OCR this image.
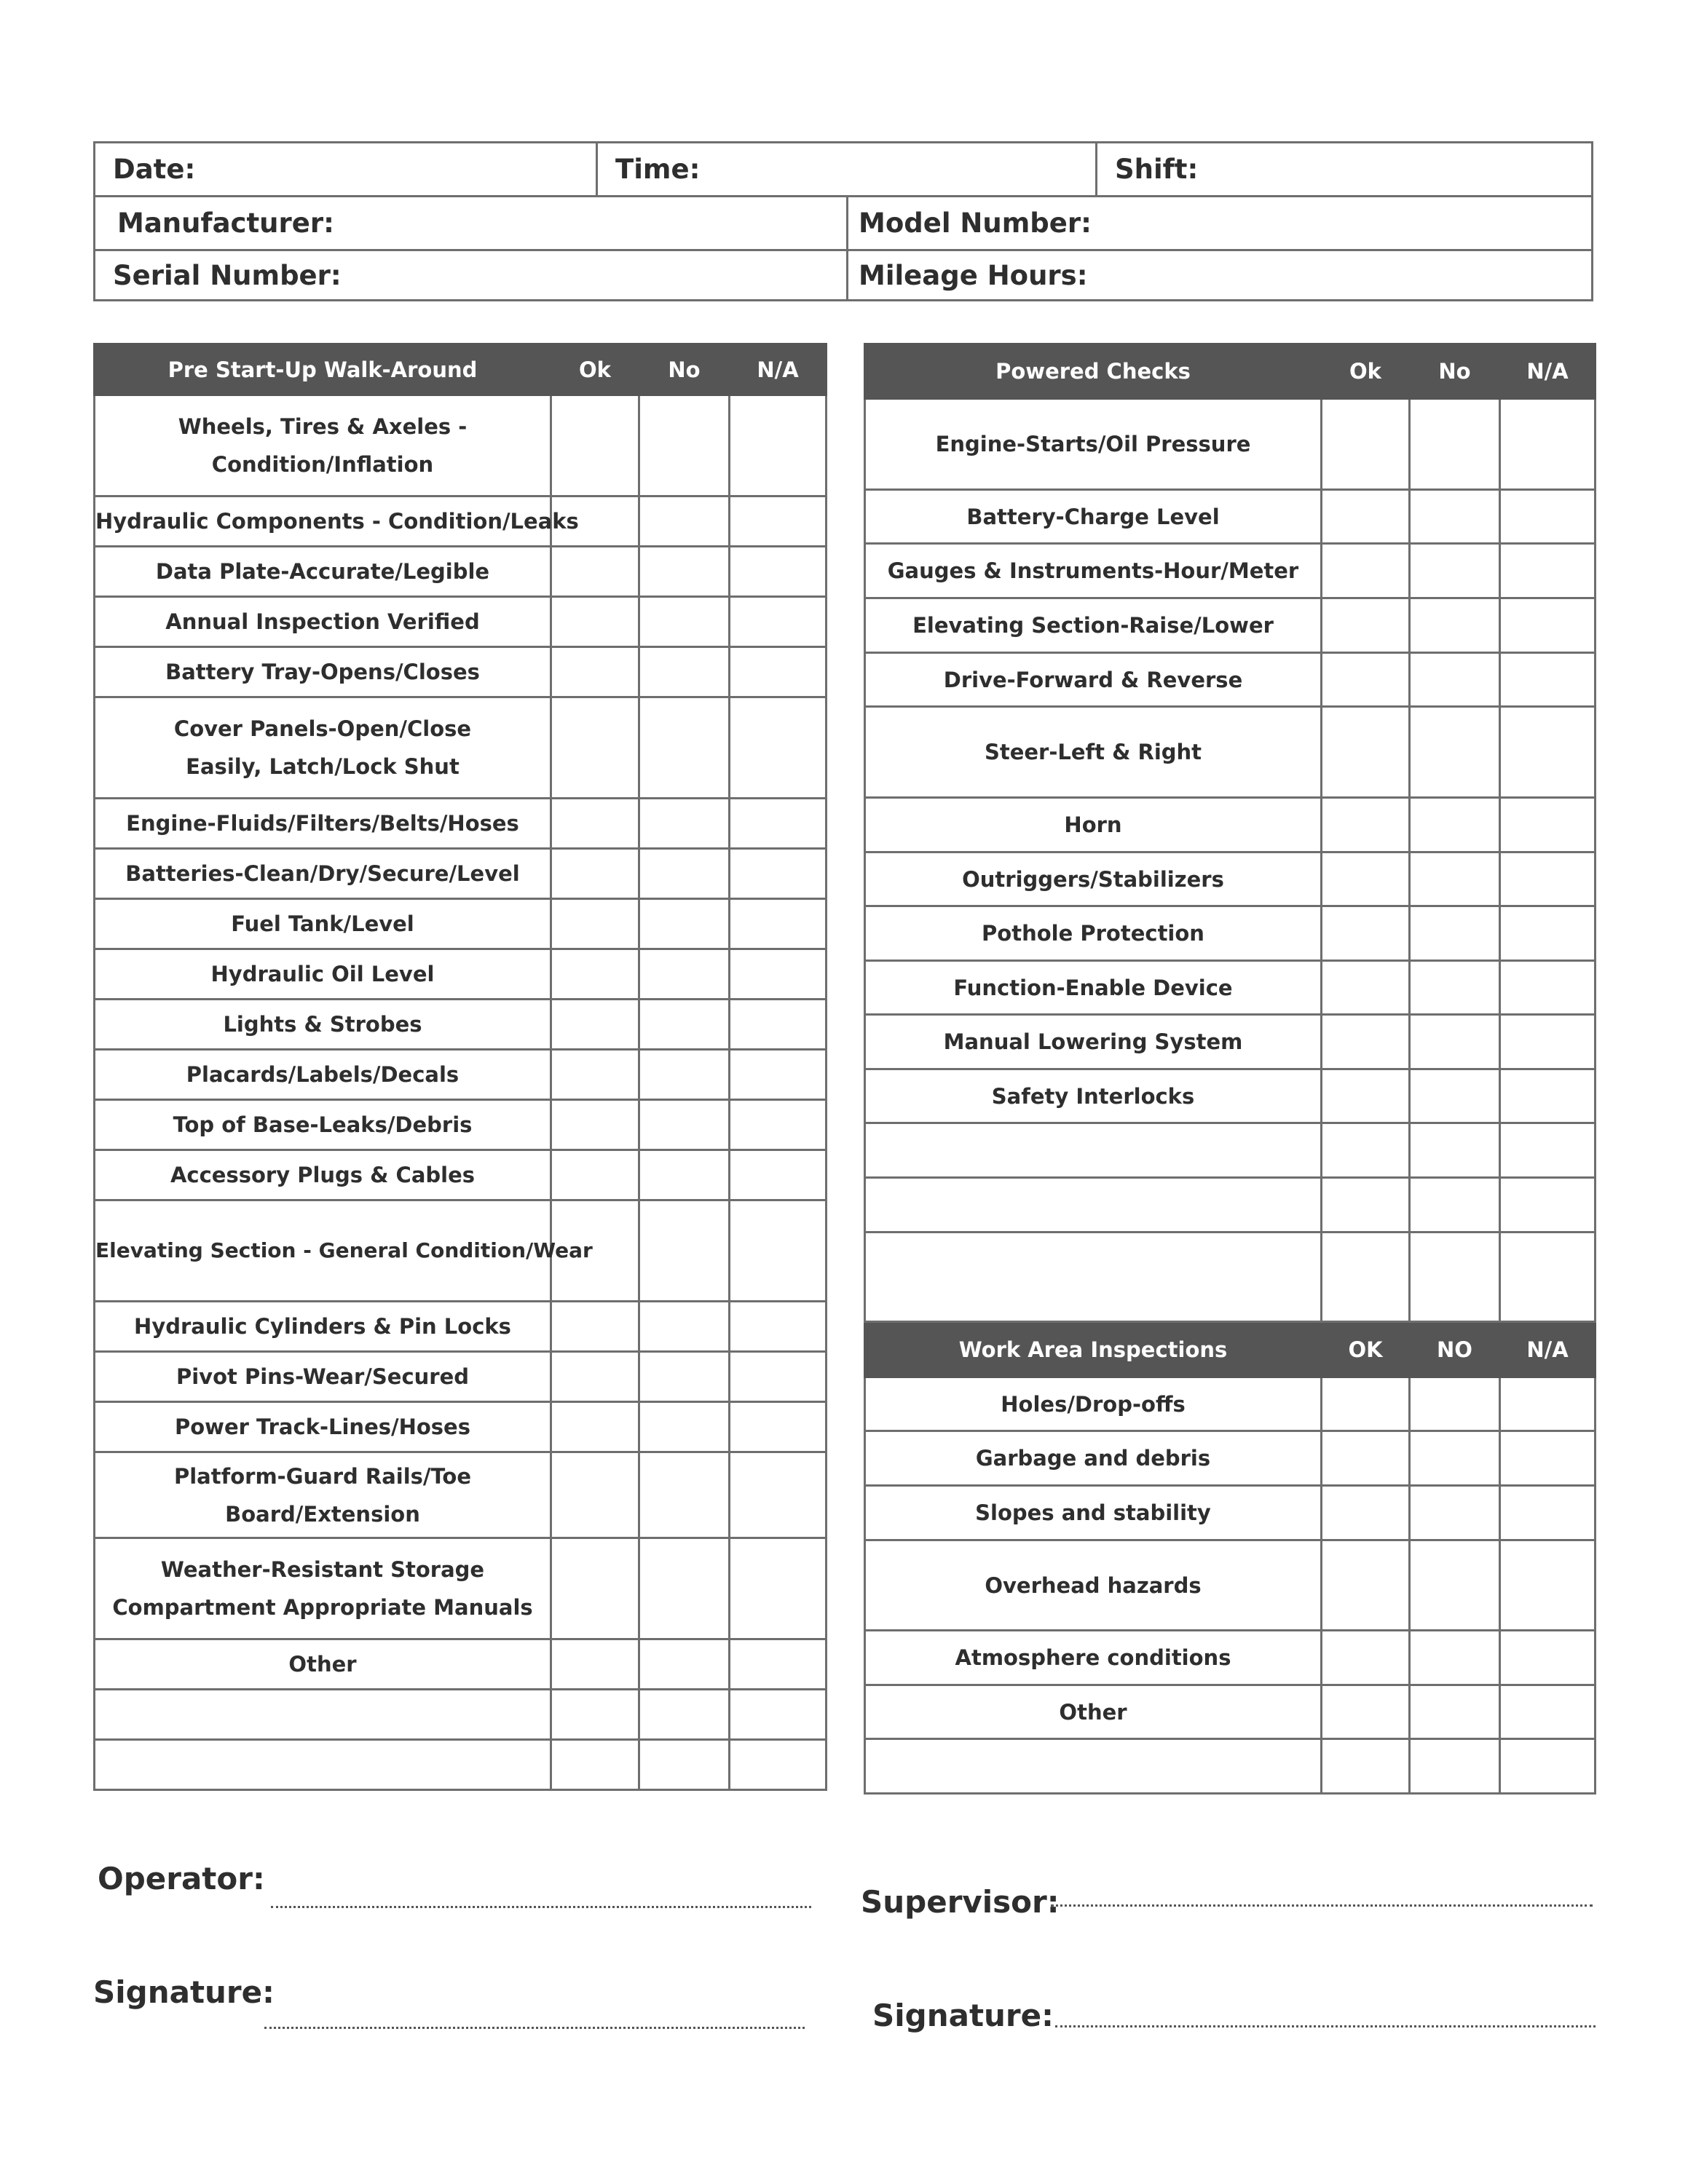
Date:	Time:	Shift:
Manufacturer:	Model Number:
Serial Number:	Mileage Hours:
Pre Start-Up Walk-Around	Ok	No	N/A
Wheels, Tires & Axeles - Condition/Inflation			
Hydraulic Components - Condition/Leaks			
Data Plate-Accurate/Legible			
Annual Inspection Verified			
Battery Tray-Opens/Closes			
Cover Panels-Open/Close Easily, Latch/Lock Shut			
Engine-Fluids/Filters/Belts/Hoses			
Batteries-Clean/Dry/Secure/Level			
Fuel Tank/Level			
Hydraulic Oil Level			
Lights & Strobes			
Placards/Labels/Decals			
Top of Base-Leaks/Debris			
Accessory Plugs & Cables			
Elevating Section - General Condition/Wear			
Hydraulic Cylinders & Pin Locks			
Pivot Pins-Wear/Secured			
Power Track-Lines/Hoses			
Platform-Guard Rails/Toe Board/Extension			
Weather-Resistant Storage Compartment Appropriate Manuals			
Other			

Powered Checks	Ok	No	N/A
Engine-Starts/Oil Pressure			
Battery-Charge Level			
Gauges & Instruments-Hour/Meter			
Elevating Section-Raise/Lower			
Drive-Forward & Reverse			
Steer-Left & Right			
Horn			
Outriggers/Stabilizers			
Pothole Protection			
Function-Enable Device			
Manual Lowering System			
Safety Interlocks			

Work Area Inspections	OK	NO	N/A
Holes/Drop-offs			
Garbage and debris			
Slopes and stability			
Overhead hazards			
Atmosphere conditions			
Other			

Operator:
Supervisor:
Signature:
Signature:
